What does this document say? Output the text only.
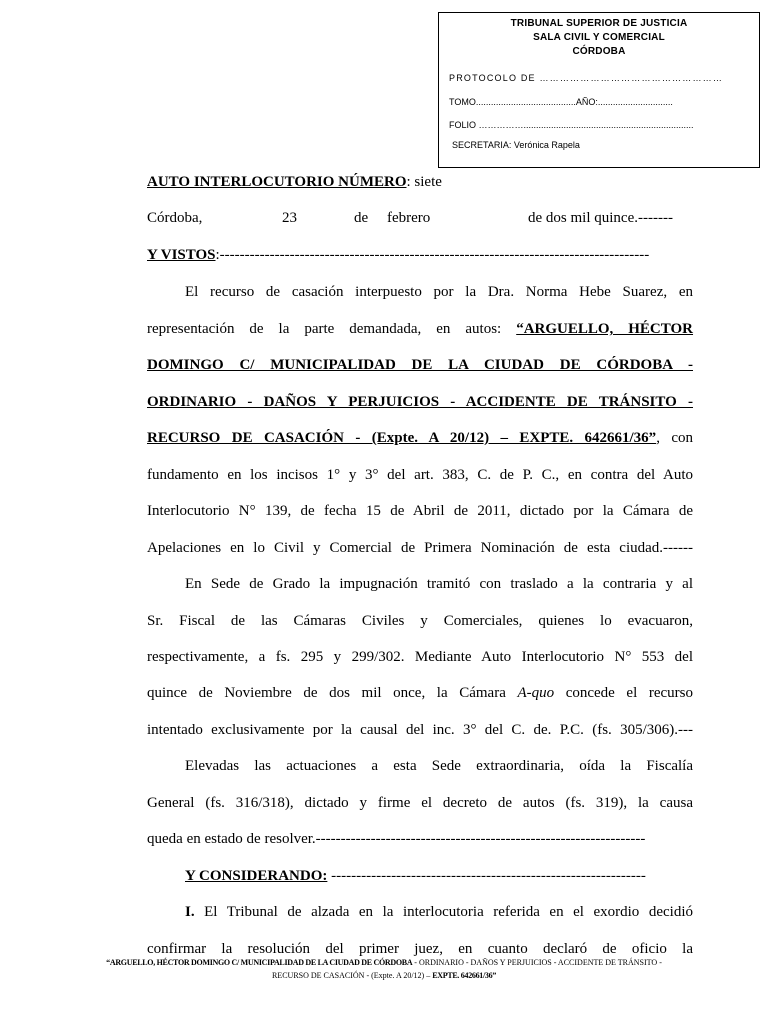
TRIBUNAL SUPERIOR DE JUSTICIA
SALA CIVIL Y COMERCIAL
CÓRDOBA
PROTOCOLO DE ………………………………………………
TOMO........................................AÑO:..............................
FOLIO ……………....................................................................
SECRETARIA: Verónica Rapela
AUTO INTERLOCUTORIO NÚMERO: siete
Córdoba,	23	de febrero	de dos mil quince.-------
Y VISTOS:--------------------------------------------------------------------------------------
El recurso de casación interpuesto por la Dra. Norma Hebe Suarez, en
representación de la parte demandada, en autos: “ARGUELLO, HÉCTOR
DOMINGO C/ MUNICIPALIDAD DE LA CIUDAD DE CÓRDOBA -
ORDINARIO - DAÑOS Y PERJUICIOS - ACCIDENTE DE TRÁNSITO -
RECURSO DE CASACIÓN - (Expte. A 20/12) – EXPTE. 642661/36”, con
fundamento en los incisos 1° y 3° del art. 383, C. de P. C., en contra del Auto
Interlocutorio N° 139, de fecha 15 de Abril de 2011, dictado por la Cámara de
Apelaciones en lo Civil y Comercial de Primera Nominación de esta ciudad.------
En Sede de Grado la impugnación tramitó con traslado a la contraria y al
Sr. Fiscal de las Cámaras Civiles y Comerciales, quienes lo evacuaron,
respectivamente, a fs. 295 y 299/302. Mediante Auto Interlocutorio N° 553 del
quince de Noviembre de dos mil once, la Cámara A-quo concede el recurso
intentado exclusivamente por la causal del inc. 3° del C. de. P.C. (fs. 305/306).---
Elevadas las actuaciones a esta Sede extraordinaria, oída la Fiscalía
General (fs. 316/318), dictado y firme el decreto de autos (fs. 319), la causa
queda en estado de resolver.------------------------------------------------------------------
Y CONSIDERANDO: ---------------------------------------------------------------
I. El Tribunal de alzada en la interlocutoria referida en el exordio decidió
confirmar la resolución del primer juez, en cuanto declaró de oficio la
“ARGUELLO, HÉCTOR DOMINGO C/ MUNICIPALIDAD DE LA CIUDAD DE CÓRDOBA - ORDINARIO - DAÑOS Y PERJUICIOS - ACCIDENTE DE TRÁNSITO -
RECURSO DE CASACIÓN - (Expte. A 20/12) – EXPTE. 642661/36”
